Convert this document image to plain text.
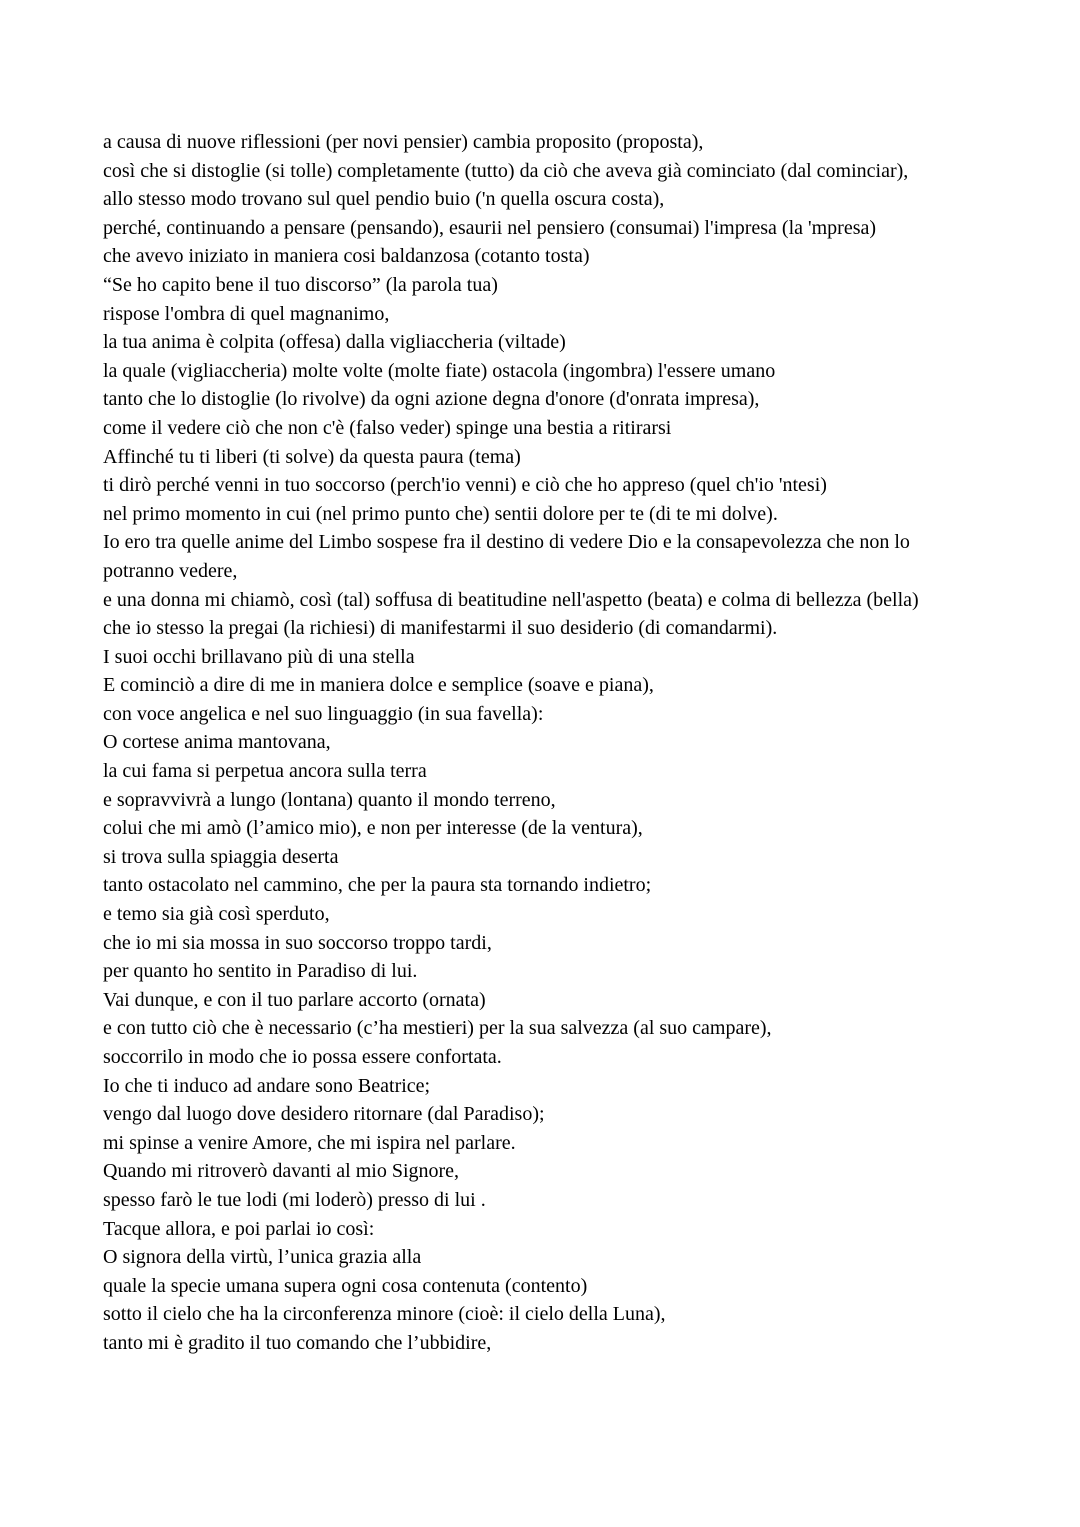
a causa di nuove riflessioni (per novi pensier) cambia proposito (proposta),
così che si distoglie (si tolle) completamente (tutto) da ciò che aveva già cominciato (dal cominciar),
allo stesso modo trovano sul quel pendio buio ('n quella oscura costa),
perché, continuando a pensare (pensando), esaurii nel pensiero (consumai) l'impresa (la 'mpresa)
che avevo iniziato in maniera cosi baldanzosa (cotanto tosta)
“Se ho capito bene il tuo discorso” (la parola tua)
rispose l'ombra di quel magnanimo,
la tua anima è colpita (offesa) dalla vigliaccheria (viltade)
la quale (vigliaccheria) molte volte (molte fiate) ostacola (ingombra) l'essere umano
tanto che lo distoglie (lo rivolve) da ogni azione degna d'onore (d'onrata impresa),
come il vedere ciò che non c'è (falso veder) spinge una bestia a ritirarsi
Affinché tu ti liberi (ti solve) da questa paura (tema)
ti dirò perché venni in tuo soccorso (perch'io venni) e ciò che ho appreso (quel ch'io 'ntesi)
nel primo momento in cui (nel primo punto che) sentii dolore per te (di te mi dolve).
Io ero tra quelle anime del Limbo sospese fra il destino di vedere Dio e la consapevolezza che non lo potranno vedere,
e una donna mi chiamò, così (tal) soffusa di beatitudine nell'aspetto (beata) e colma di bellezza (bella)
che io stesso la pregai (la richiesi) di manifestarmi il suo desiderio (di comandarmi).
I suoi occhi brillavano più di una stella
E cominciò a dire di me in maniera dolce e semplice (soave e piana),
con voce angelica e nel suo linguaggio (in sua favella):
O cortese anima mantovana,
la cui fama si perpetua ancora sulla terra
e sopravvivrà a lungo (lontana) quanto il mondo terreno,
colui che mi amò (l’amico mio), e non per interesse (de la ventura),
si trova sulla spiaggia deserta
tanto ostacolato nel cammino, che per la paura sta tornando indietro;
e temo sia già così sperduto,
che io mi sia mossa in suo soccorso troppo tardi,
per quanto ho sentito in Paradiso di lui.
Vai dunque, e con il tuo parlare accorto (ornata)
e con tutto ciò che è necessario (c’ha mestieri) per la sua salvezza (al suo campare),
soccorrilo in modo che io possa essere confortata.
Io che ti induco ad andare sono Beatrice;
vengo dal luogo dove desidero ritornare (dal Paradiso);
mi spinse a venire Amore, che mi ispira nel parlare.
Quando mi ritroverò davanti al mio Signore,
spesso farò le tue lodi (mi loderò) presso di lui .
Tacque allora, e poi parlai io così:
O signora della virtù, l’unica grazia alla
quale la specie umana supera ogni cosa contenuta (contento)
sotto il cielo che ha la circonferenza minore (cioè: il cielo della Luna),
tanto mi è gradito il tuo comando che l’ubbidire,
